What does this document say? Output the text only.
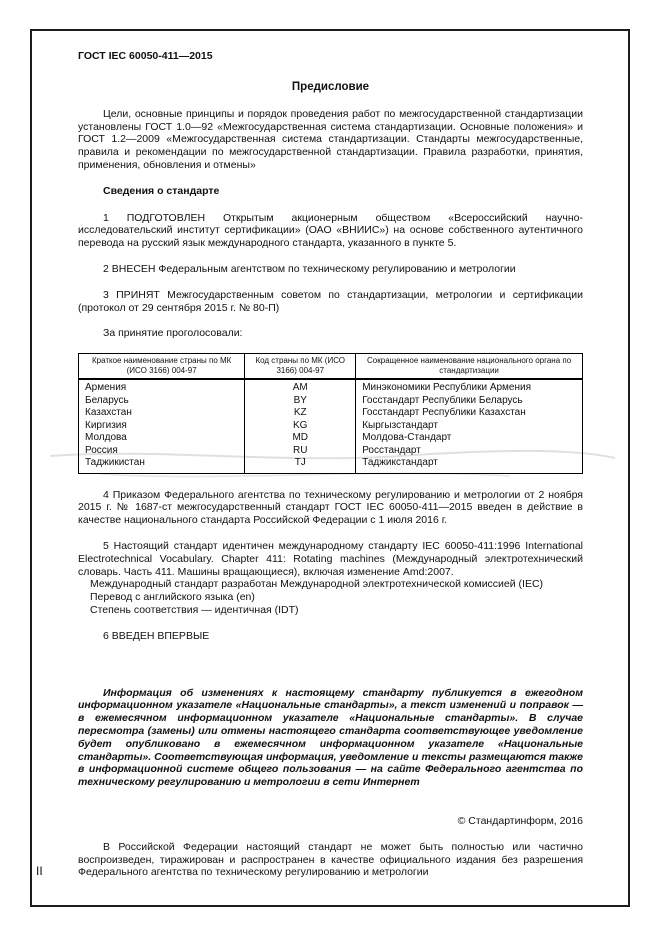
ГОСТ IEC 60050-411—2015
Предисловие

Цели, основные принципы и порядок проведения работ по межгосударственной стандартизации установлены ГОСТ 1.0—92 «Межгосударственная система стандартизации. Основные положения» и ГОСТ 1.2—2009 «Межгосударственная система стандартизации. Стандарты межгосударственные, правила и рекомендации по межгосударственной стандартизации. Правила разработки, принятия, применения, обновления и отмены»

Сведения о стандарте

1 ПОДГОТОВЛЕН Открытым акционерным обществом «Всероссийский научно-исследовательский институт сертификации» (ОАО «ВНИИС») на основе собственного аутентичного перевода на русский язык международного стандарта, указанного в пункте 5.

2 ВНЕСЕН Федеральным агентством по техническому регулированию и метрологии

3 ПРИНЯТ Межгосударственным советом по стандартизации, метрологии и сертификации (протокол от 29 сентября 2015 г. № 80-П)

За принятие проголосовали:

Краткое наименование страны по МК (ИСО 3166) 004-97	Код страны по МК (ИСО 3166) 004-97	Сокращенное наименование национального органа по стандартизации
Армения	AM	Минэкономики Республики Армения
Беларусь	BY	Госстандарт Республики Беларусь
Казахстан	KZ	Госстандарт Республики Казахстан
Киргизия	KG	Кыргызстандарт
Молдова	MD	Молдова-Стандарт
Россия	RU	Росстандарт
Таджикистан	TJ	Таджикстандарт

4 Приказом Федерального агентства по техническому регулированию и метрологии от 2 ноября 2015 г. № 1687-ст межгосударственный стандарт ГОСТ IEC 60050-411—2015 введен в действие в качестве национального стандарта Российской Федерации с 1 июля 2016 г.

5 Настоящий стандарт идентичен международному стандарту IEC 60050-411:1996 International Electrotechnical Vocabulary. Chapter 411: Rotating machines (Международный электротехнический словарь. Часть 411. Машины вращающиеся), включая изменение Amd:2007.

Международный стандарт разработан Международной электротехнической комиссией (IEC)

Перевод с английского языка (en)

Степень соответствия — идентичная (IDT)

6 ВВЕДЕН ВПЕРВЫЕ

Информация об изменениях к настоящему стандарту публикуется в ежегодном информационном указателе «Национальные стандарты», а текст изменений и поправок — в ежемесячном информационном указателе «Национальные стандарты». В случае пересмотра (замены) или отмены настоящего стандарта соответствующее уведомление будет опубликовано в ежемесячном информационном указателе «Национальные стандарты». Соответствующая информация, уведомление и тексты размещаются также в информационной системе общего пользования — на сайте Федерального агентства по техническому регулированию и метрологии в сети Интернет

© Стандартинформ, 2016

В Российской Федерации настоящий стандарт не может быть полностью или частично воспроизведен, тиражирован и распространен в качестве официального издания без разрешения Федерального агентства по техническому регулированию и метрологии

II
